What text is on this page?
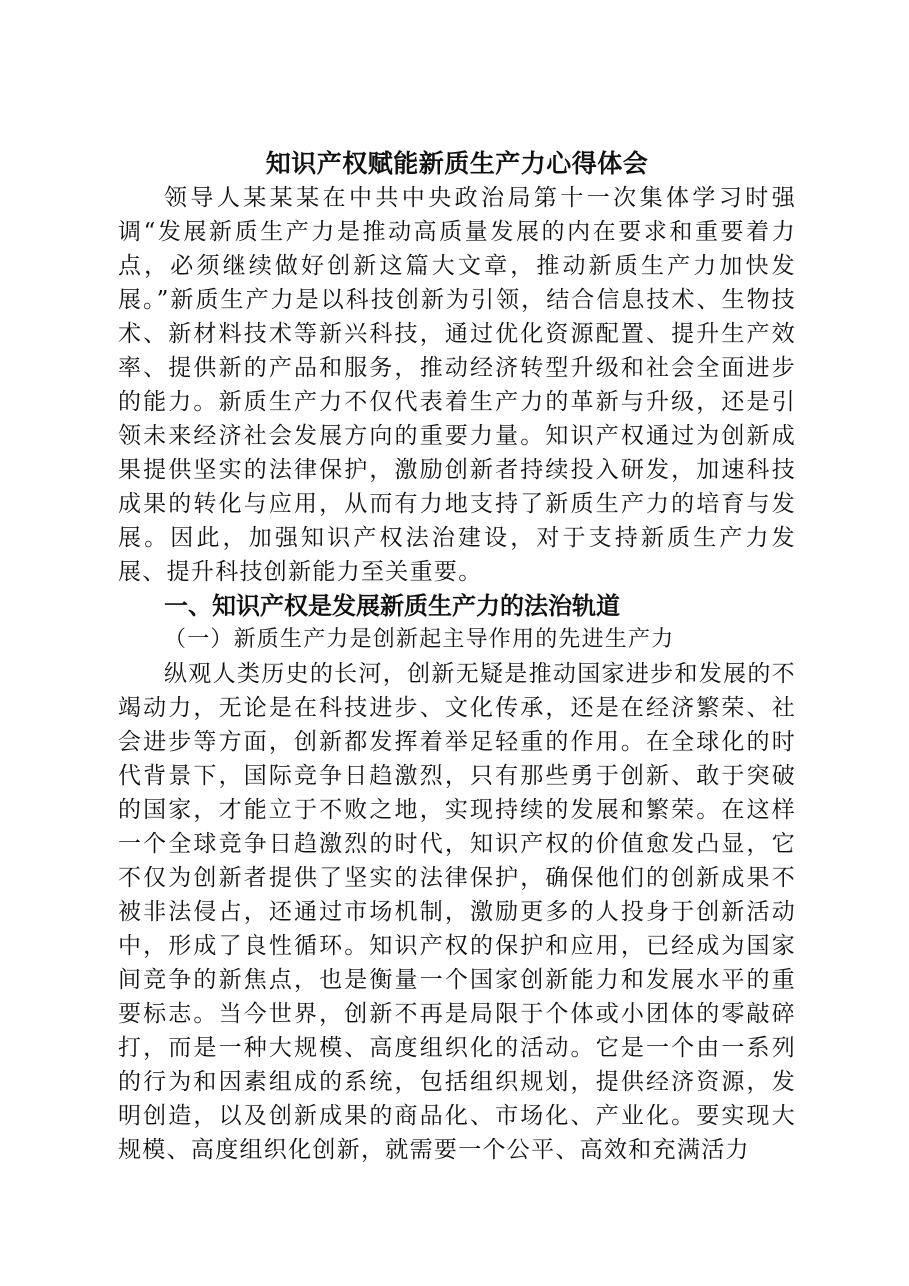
知识产权赋能新质生产力心得体会

领导人某某某在中共中央政治局第十一次集体学习时强调“发展新质生产力是推动高质量发展的内在要求和重要着力点，必须继续做好创新这篇大文章，推动新质生产力加快发展。”新质生产力是以科技创新为引领，结合信息技术、生物技术、新材料技术等新兴科技，通过优化资源配置、提升生产效率、提供新的产品和服务，推动经济转型升级和社会全面进步的能力。新质生产力不仅代表着生产力的革新与升级，还是引领未来经济社会发展方向的重要力量。知识产权通过为创新成果提供坚实的法律保护，激励创新者持续投入研发，加速科技成果的转化与应用，从而有力地支持了新质生产力的培育与发展。因此，加强知识产权法治建设，对于支持新质生产力发展、提升科技创新能力至关重要。

一、知识产权是发展新质生产力的法治轨道

（一）新质生产力是创新起主导作用的先进生产力

纵观人类历史的长河，创新无疑是推动国家进步和发展的不竭动力，无论是在科技进步、文化传承，还是在经济繁荣、社会进步等方面，创新都发挥着举足轻重的作用。在全球化的时代背景下，国际竞争日趋激烈，只有那些勇于创新、敢于突破的国家，才能立于不败之地，实现持续的发展和繁荣。在这样一个全球竞争日趋激烈的时代，知识产权的价值愈发凸显，它不仅为创新者提供了坚实的法律保护，确保他们的创新成果不被非法侵占，还通过市场机制，激励更多的人投身于创新活动中，形成了良性循环。知识产权的保护和应用，已经成为国家间竞争的新焦点，也是衡量一个国家创新能力和发展水平的重要标志。当今世界，创新不再是局限于个体或小团体的零敲碎打，而是一种大规模、高度组织化的活动。它是一个由一系列的行为和因素组成的系统，包括组织规划，提供经济资源，发明创造，以及创新成果的商品化、市场化、产业化。要实现大规模、高度组织化创新，就需要一个公平、高效和充满活力
